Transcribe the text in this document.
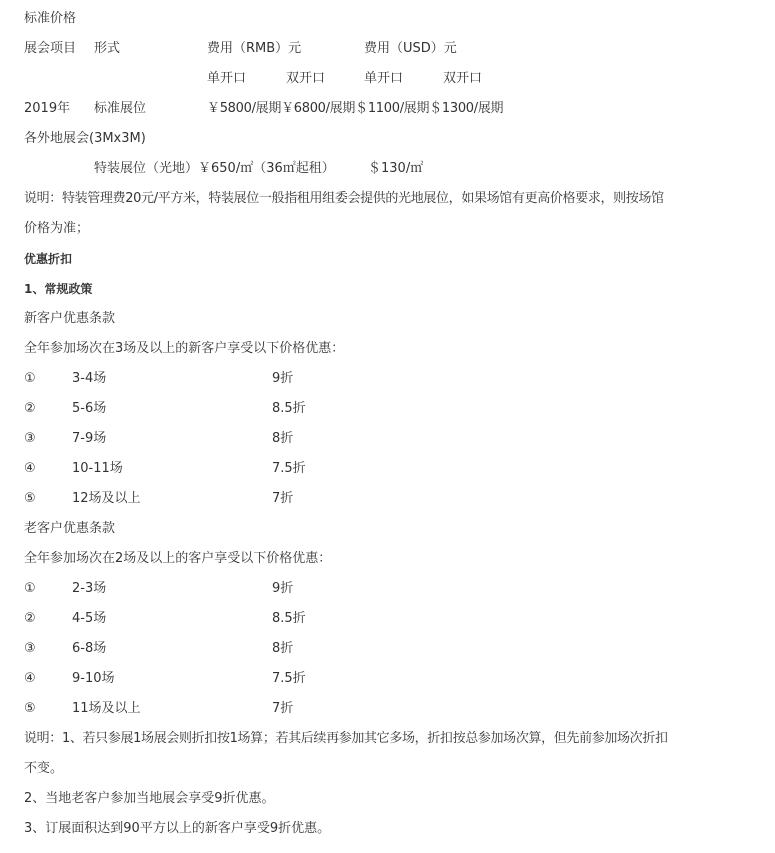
标准价格
展会项目 形式	费用（RMB）元	费用（USD）元
单开口	双开口	单开口	双开口
2019年 标准展位	￥5800/展期￥6800/展期＄1100/展期＄1300/展期
各外地展会(3Mx3M)
特装展位（光地）￥650/㎡（36㎡起租）	＄130/㎡
说明：特装管理费20元/平方米，特装展位一般指租用组委会提供的光地展位，如果场馆有更高价格要求，则按场馆
价格为准；
优惠折扣
1、常规政策
新客户优惠条款
全年参加场次在3场及以上的新客户享受以下价格优惠：
①	3-4场	9折
②	5-6场	8.5折
③	7-9场	8折
④	10-11场	7.5折
⑤	12场及以上	7折
老客户优惠条款
全年参加场次在2场及以上的客户享受以下价格优惠：
①	2-3场	9折
②	4-5场	8.5折
③	6-8场	8折
④	9-10场	7.5折
⑤	11场及以上	7折
说明：1、若只参展1场展会则折扣按1场算；若其后续再参加其它多场，折扣按总参加场次算，但先前参加场次折扣
不变。
2、当地老客户参加当地展会享受9折优惠。
3、订展面积达到90平方以上的新客户享受9折优惠。
